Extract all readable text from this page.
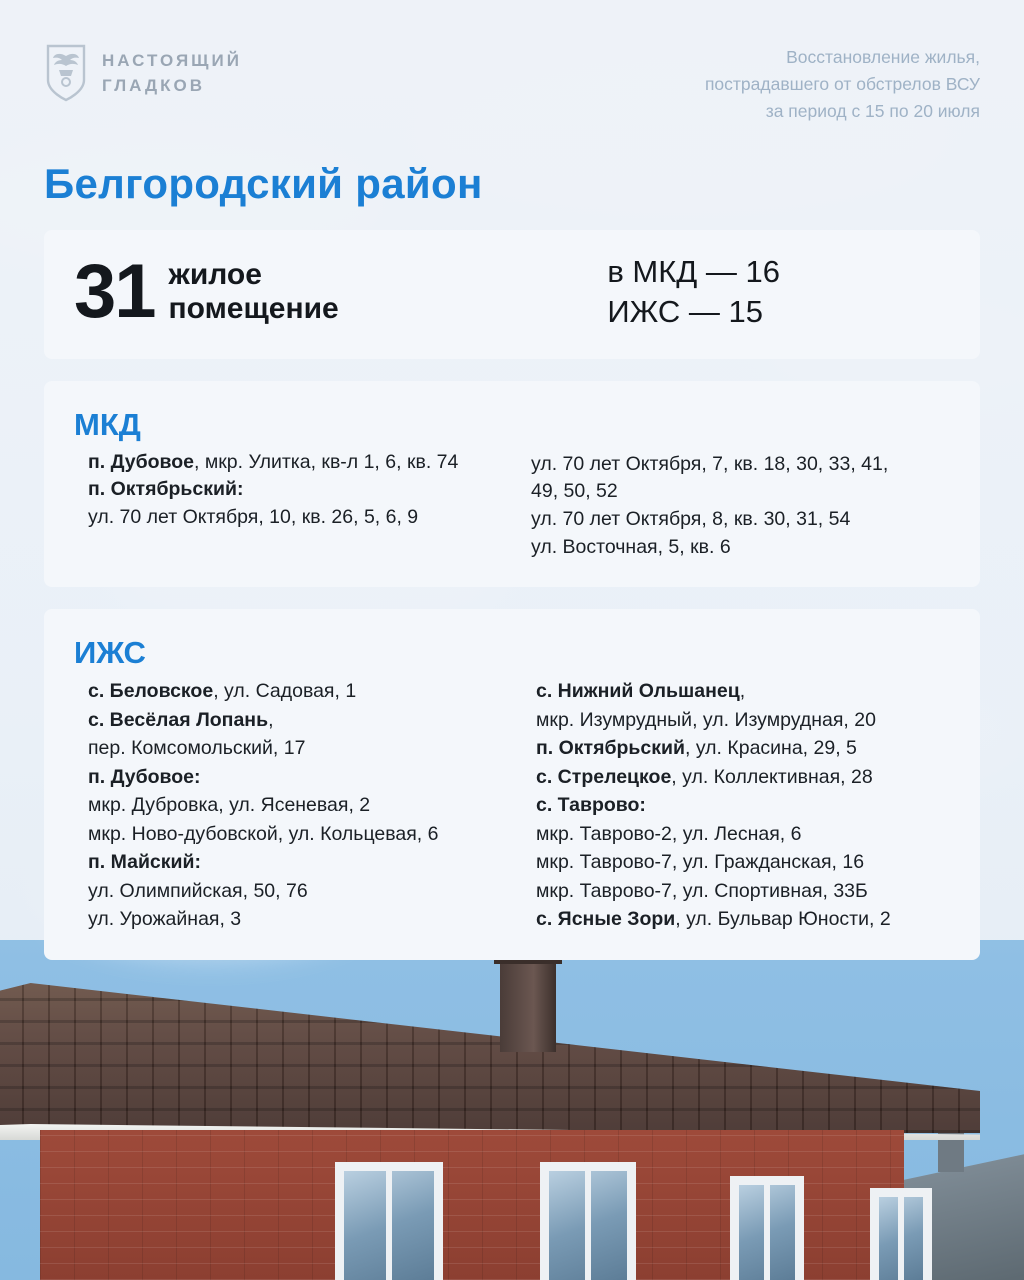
НАСТОЯЩИЙ
ГЛАДКОВ
Восстановление жилья,
пострадавшего от обстрелов ВСУ
за период с 15 по 20 июля
Белгородский район
31 жилое
помещение
в МКД — 16
ИЖС — 15
МКД
п. Дубовое, мкр. Улитка, кв-л 1, 6, кв. 74
п. Октябрьский:
ул. 70 лет Октября, 10, кв. 26, 5, 6, 9
ул. 70 лет Октября, 7, кв. 18, 30, 33, 41,
49, 50, 52
ул. 70 лет Октября, 8, кв. 30, 31, 54
ул. Восточная, 5, кв. 6
ИЖС
с. Беловское, ул. Садовая, 1
с. Весёлая Лопань,
пер. Комсомольский, 17
п. Дубовое:
мкр. Дубровка, ул. Ясеневая, 2
мкр. Ново-дубовской, ул. Кольцевая, 6
п. Майский:
ул. Олимпийская, 50, 76
ул. Урожайная, 3
с. Нижний Ольшанец,
мкр. Изумрудный, ул. Изумрудная, 20
п. Октябрьский, ул. Красина, 29, 5
с. Стрелецкое, ул. Коллективная, 28
с. Таврово:
мкр. Таврово-2, ул. Лесная, 6
мкр. Таврово-7, ул. Гражданская, 16
мкр. Таврово-7, ул. Спортивная, 33Б
с. Ясные Зори, ул. Бульвар Юности, 2
